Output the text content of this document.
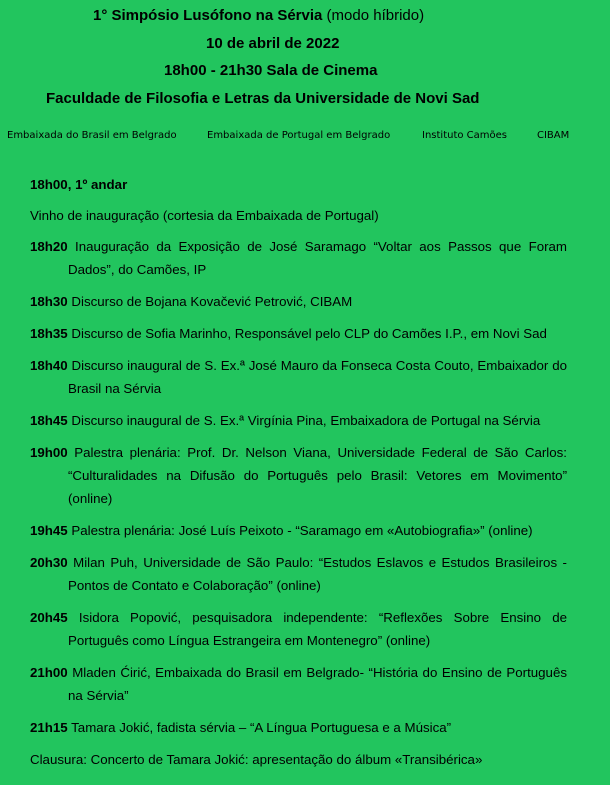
1° Simpósio Lusófono na Sérvia (modo híbrido)
10 de abril de 2022
18h00 - 21h30 Sala de Cinema
Faculdade de Filosofia e Letras da Universidade de Novi Sad
Embaixada do Brasil em Belgrado	Embaixada de Portugal em Belgrado	Instituto Camões	CIBAM
18h00, 1º andar
Vinho de inauguração (cortesia da Embaixada de Portugal)
18h20 Inauguração da Exposição de José Saramago “Voltar aos Passos que Foram Dados”, do Camões, IP
18h30 Discurso de Bojana Kovačević Petrović, CIBAM
18h35 Discurso de Sofia Marinho, Responsável pelo CLP do Camões I.P., em Novi Sad
18h40 Discurso inaugural de S. Ex.ª José Mauro da Fonseca Costa Couto, Embaixador do Brasil na Sérvia
18h45 Discurso inaugural de S. Ex.ª Virgínia Pina, Embaixadora de Portugal na Sérvia
19h00 Palestra plenária: Prof. Dr. Nelson Viana, Universidade Federal de São Carlos: “Culturalidades na Difusão do Português pelo Brasil: Vetores em Movimento” (online)
19h45 Palestra plenária: José Luís Peixoto - “Saramago em «Autobiografia»” (online)
20h30 Milan Puh, Universidade de São Paulo: “Estudos Eslavos e Estudos Brasileiros - Pontos de Contato e Colaboração” (online)
20h45 Isidora Popović, pesquisadora independente: “Reflexões Sobre Ensino de Português como Língua Estrangeira em Montenegro” (online)
21h00 Mladen Ćirić, Embaixada do Brasil em Belgrado- “História do Ensino de Português na Sérvia”
21h15 Tamara Jokić, fadista sérvia – “A Língua Portuguesa e a Música”
Clausura: Concerto de Tamara Jokić: apresentação do álbum «Transibérica»
